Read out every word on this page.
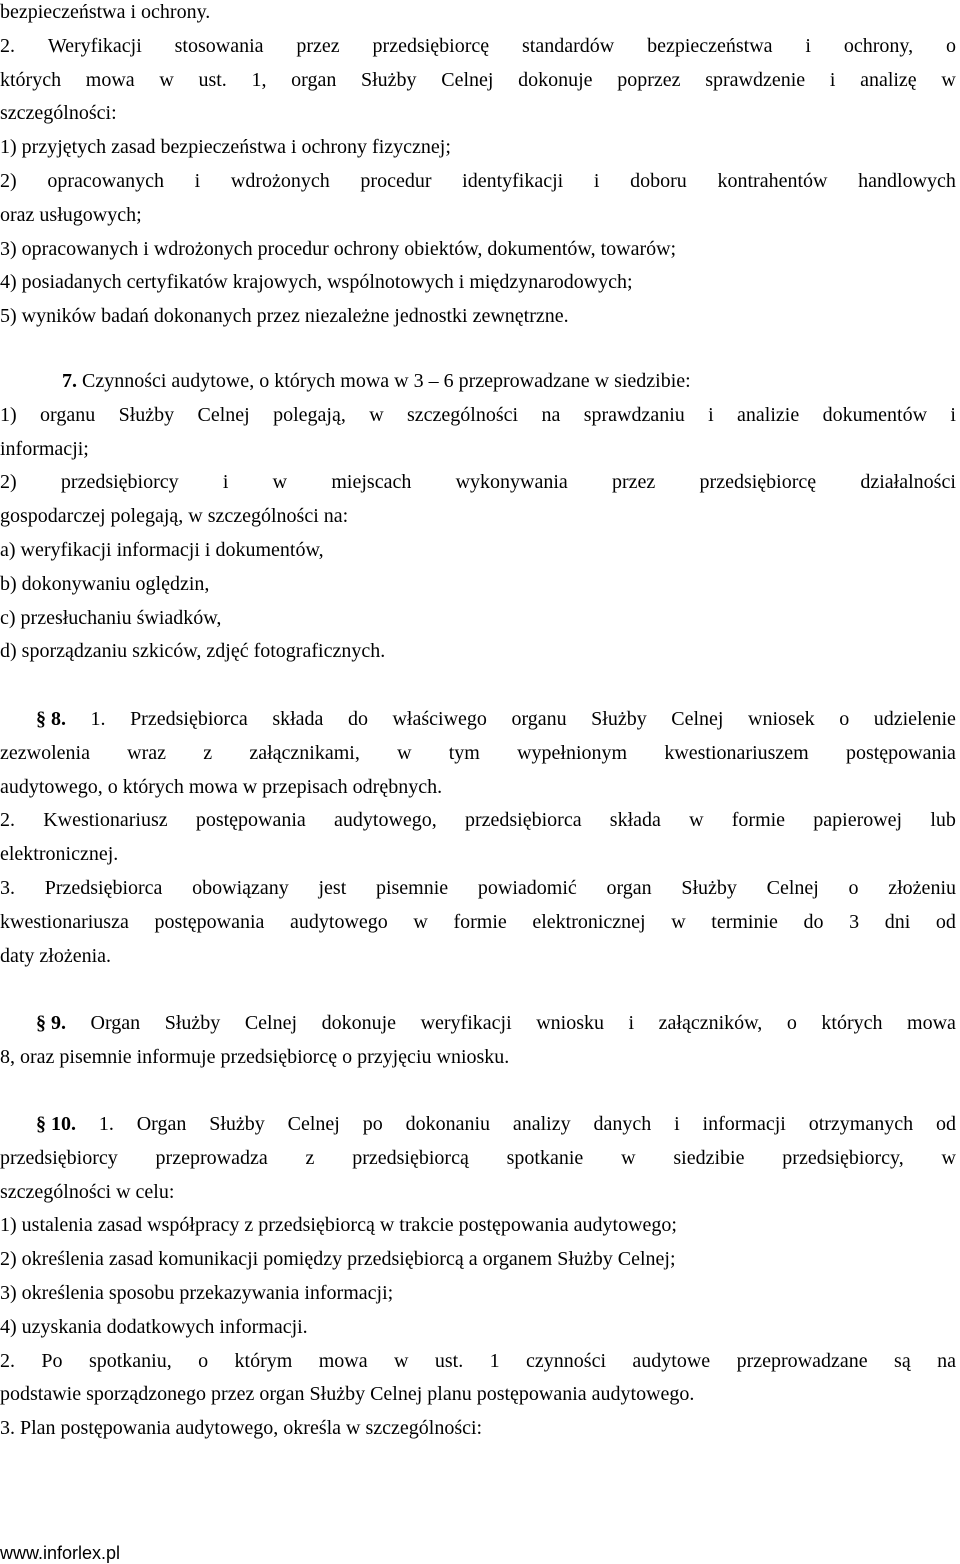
bezpieczeństwa i ochrony.
2. Weryfikacji stosowania przez przedsiębiorcę standardów bezpieczeństwa i ochrony, o
których mowa w ust. 1, organ Służby Celnej dokonuje poprzez sprawdzenie i analizę w
szczególności:
1) przyjętych zasad bezpieczeństwa i ochrony fizycznej;
2) opracowanych i wdrożonych procedur identyfikacji i doboru kontrahentów handlowych
oraz usługowych;
3) opracowanych i wdrożonych procedur ochrony obiektów, dokumentów, towarów;
4) posiadanych certyfikatów krajowych, wspólnotowych i międzynarodowych;
5) wyników badań dokonanych przez niezależne jednostki zewnętrzne.
7. Czynności audytowe, o których mowa w 3 – 6 przeprowadzane w siedzibie:
1) organu Służby Celnej polegają, w szczególności na sprawdzaniu i analizie dokumentów i
informacji;
2) przedsiębiorcy i w miejscach wykonywania przez przedsiębiorcę działalności
gospodarczej polegają, w szczególności na:
a) weryfikacji informacji i dokumentów,
b) dokonywaniu oględzin,
c) przesłuchaniu świadków,
d) sporządzaniu szkiców, zdjęć fotograficznych.
§ 8. 1. Przedsiębiorca składa do właściwego organu Służby Celnej wniosek o udzielenie
zezwolenia wraz z załącznikami, w tym wypełnionym kwestionariuszem postępowania
audytowego, o których mowa w przepisach odrębnych.
2. Kwestionariusz postępowania audytowego, przedsiębiorca składa w formie papierowej lub
elektronicznej.
3. Przedsiębiorca obowiązany jest pisemnie powiadomić organ Służby Celnej o złożeniu
kwestionariusza postępowania audytowego w formie elektronicznej w terminie do 3 dni od
daty złożenia.
§ 9. Organ Służby Celnej dokonuje weryfikacji wniosku i załączników, o których mowa
8, oraz pisemnie informuje przedsiębiorcę o przyjęciu wniosku.
§ 10. 1. Organ Służby Celnej po dokonaniu analizy danych i informacji otrzymanych od
przedsiębiorcy przeprowadza z przedsiębiorcą spotkanie w siedzibie przedsiębiorcy, w
szczególności w celu:
1) ustalenia zasad współpracy z przedsiębiorcą w trakcie postępowania audytowego;
2) określenia zasad komunikacji pomiędzy przedsiębiorcą a organem Służby Celnej;
3) określenia sposobu przekazywania informacji;
4) uzyskania dodatkowych informacji.
2. Po spotkaniu, o którym mowa w ust. 1 czynności audytowe przeprowadzane są na
podstawie sporządzonego przez organ Służby Celnej planu postępowania audytowego.
3. Plan postępowania audytowego, określa w szczególności:
www.inforlex.pl
